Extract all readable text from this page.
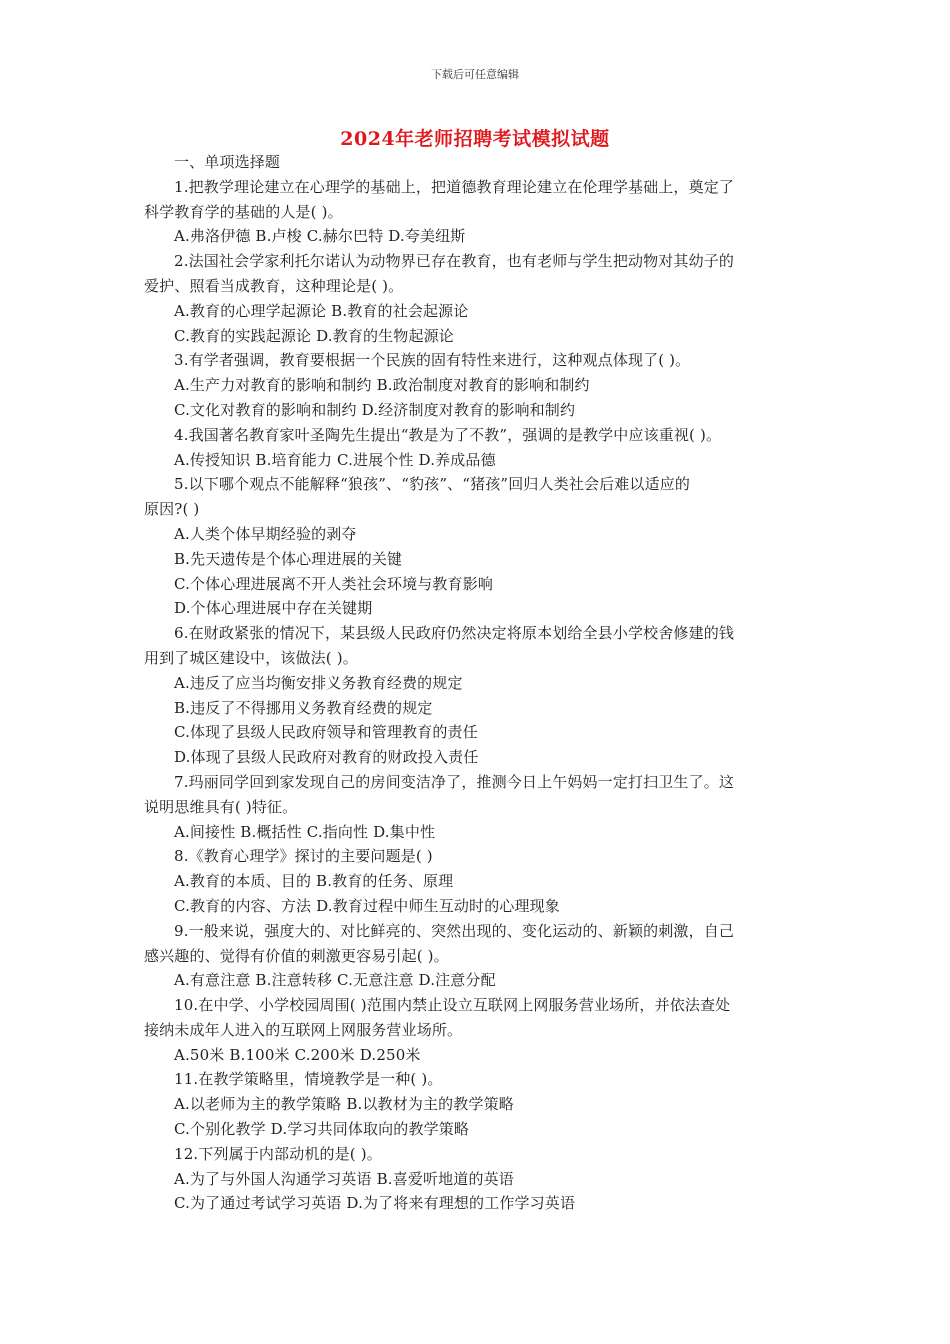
下载后可任意编辑
2024年老师招聘考试模拟试题
一、单项选择题
1.把教学理论建立在心理学的基础上，把道德教育理论建立在伦理学基础上，奠定了
科学教育学的基础的人是( )。
A.弗洛伊德 B.卢梭 C.赫尔巴特 D.夸美纽斯
2.法国社会学家利托尔诺认为动物界已存在教育，也有老师与学生把动物对其幼子的
爱护、照看当成教育，这种理论是( )。
A.教育的心理学起源论 B.教育的社会起源论
C.教育的实践起源论 D.教育的生物起源论
3.有学者强调，教育要根据一个民族的固有特性来进行，这种观点体现了( )。
A.生产力对教育的影响和制约 B.政治制度对教育的影响和制约
C.文化对教育的影响和制约 D.经济制度对教育的影响和制约
4.我国著名教育家叶圣陶先生提出“教是为了不教”，强调的是教学中应该重视( )。
A.传授知识 B.培育能力 C.进展个性 D.养成品德
5.以下哪个观点不能解释“狼孩”、“豹孩”、“猪孩”回归人类社会后难以适应的
原因?( )
A.人类个体早期经验的剥夺
B.先天遗传是个体心理进展的关键
C.个体心理进展离不开人类社会环境与教育影响
D.个体心理进展中存在关键期
6.在财政紧张的情况下，某县级人民政府仍然决定将原本划给全县小学校舍修建的钱
用到了城区建设中，该做法( )。
A.违反了应当均衡安排义务教育经费的规定
B.违反了不得挪用义务教育经费的规定
C.体现了县级人民政府领导和管理教育的责任
D.体现了县级人民政府对教育的财政投入责任
7.玛丽同学回到家发现自己的房间变洁净了，推测今日上午妈妈一定打扫卫生了。这
说明思维具有( )特征。
A.间接性 B.概括性 C.指向性 D.集中性
8.《教育心理学》探讨的主要问题是( )
A.教育的本质、目的 B.教育的任务、原理
C.教育的内容、方法 D.教育过程中师生互动时的心理现象
9.一般来说，强度大的、对比鲜亮的、突然出现的、变化运动的、新颖的刺激，自己
感兴趣的、觉得有价值的刺激更容易引起( )。
A.有意注意 B.注意转移 C.无意注意 D.注意分配
10.在中学、小学校园周围( )范围内禁止设立互联网上网服务营业场所，并依法查处
接纳未成年人进入的互联网上网服务营业场所。
A.50米 B.100米 C.200米 D.250米
11.在教学策略里，情境教学是一种( )。
A.以老师为主的教学策略 B.以教材为主的教学策略
C.个别化教学 D.学习共同体取向的教学策略
12.下列属于内部动机的是( )。
A.为了与外国人沟通学习英语 B.喜爱听地道的英语
C.为了通过考试学习英语 D.为了将来有理想的工作学习英语
